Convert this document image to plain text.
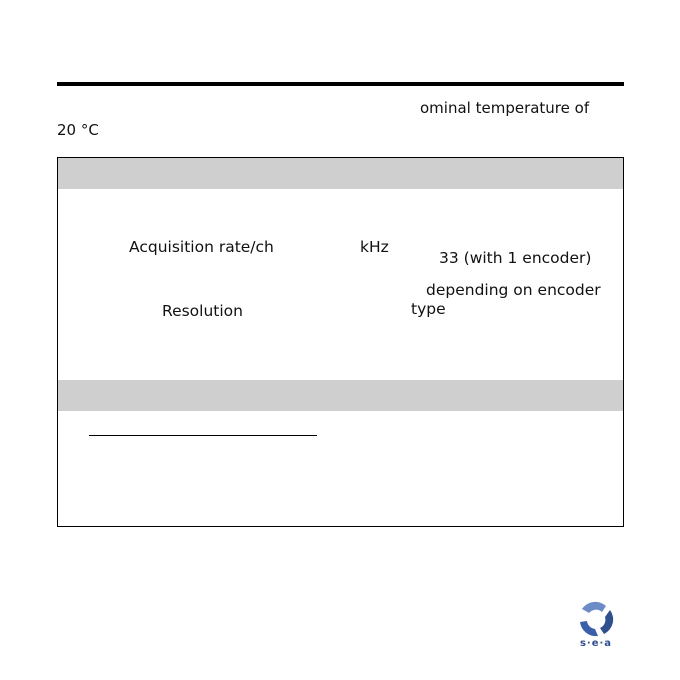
ominal temperature of
20 °C
Acquisition rate/ch	kHz
33 (with 1 encoder)
Resolution
depending on encoder
type
s·e·a
